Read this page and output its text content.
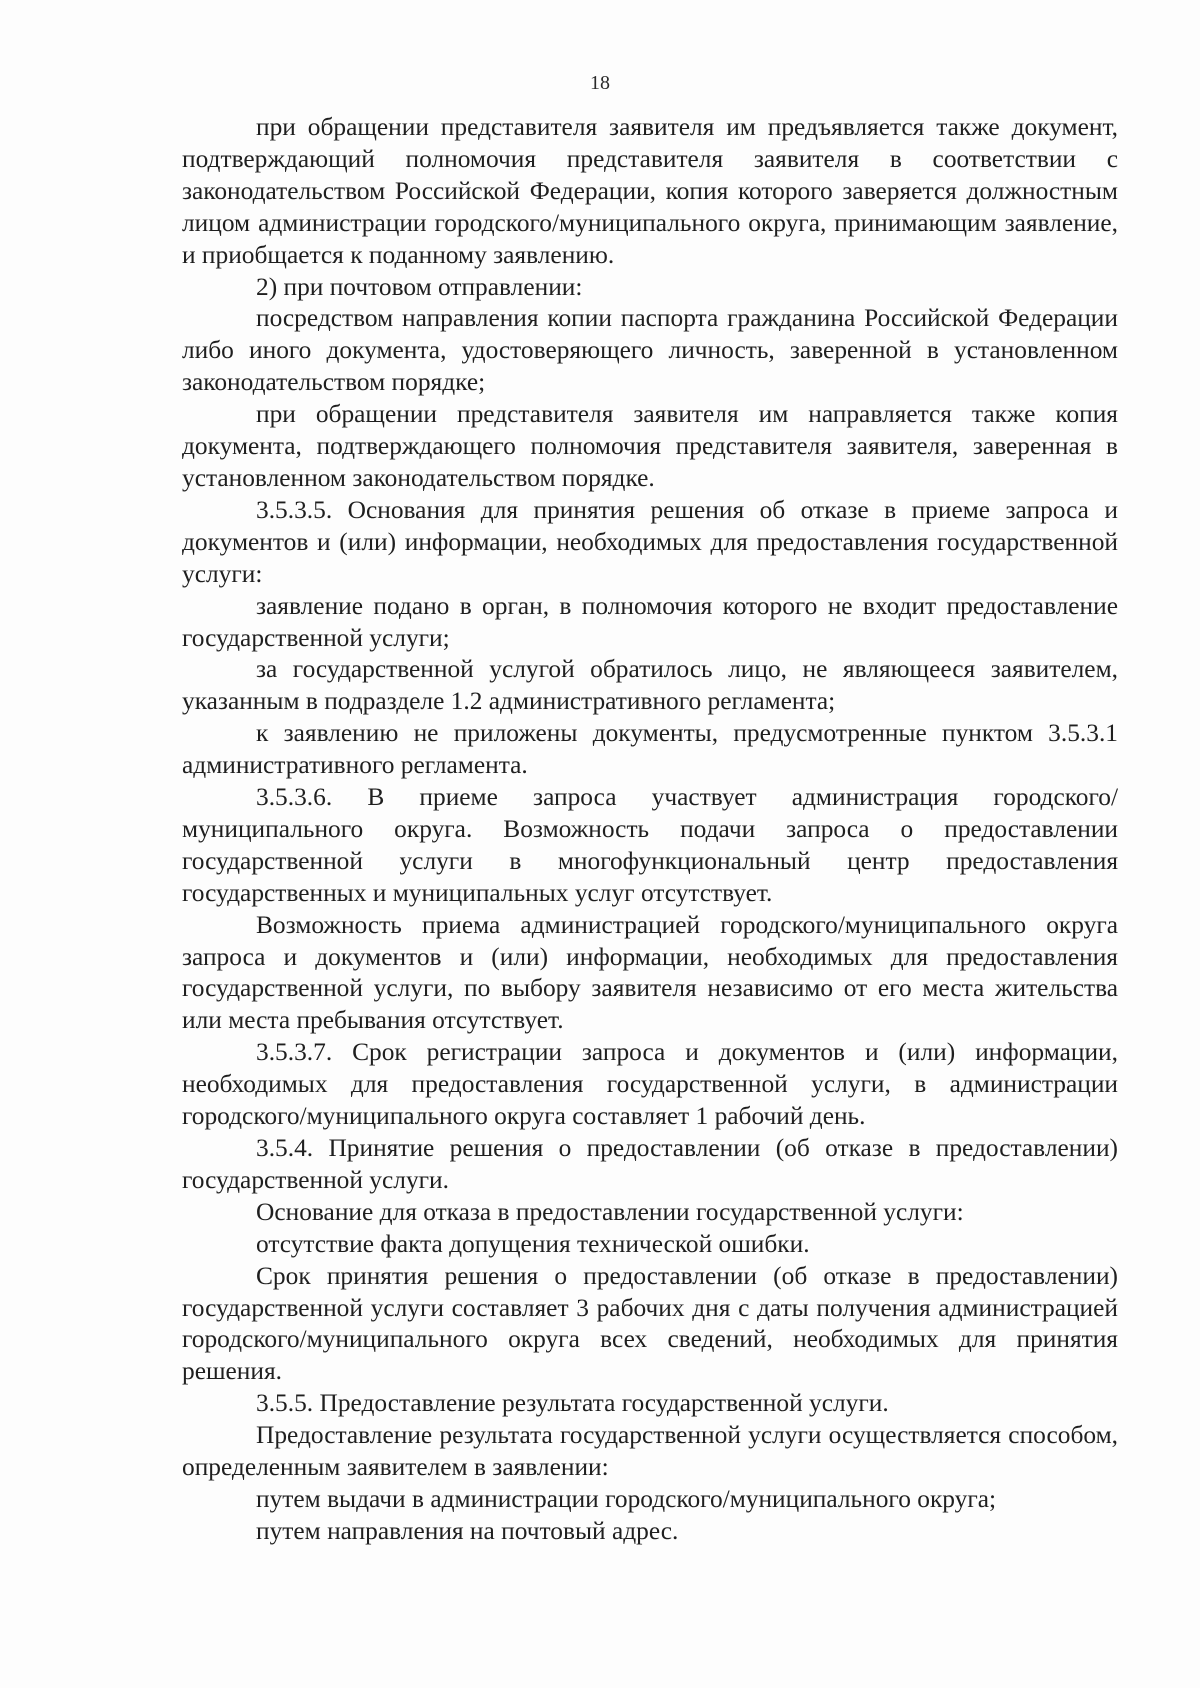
18

при обращении представителя заявителя им предъявляется также документ, подтверждающий полномочия представителя заявителя в соответствии с законодательством Российской Федерации, копия которого заверяется должностным лицом администрации городского/муниципального округа, принимающим заявление, и приобщается к поданному заявлению.

2) при почтовом отправлении:

посредством направления копии паспорта гражданина Российской Федерации либо иного документа, удостоверяющего личность, заверенной в установленном законодательством порядке;

при обращении представителя заявителя им направляется также копия документа, подтверждающего полномочия представителя заявителя, заверенная в установленном законодательством порядке.

3.5.3.5. Основания для принятия решения об отказе в приеме запроса и документов и (или) информации, необходимых для предоставления государственной услуги:

заявление подано в орган, в полномочия которого не входит предоставление государственной услуги;

за государственной услугой обратилось лицо, не являющееся заявителем, указанным в подразделе 1.2 административного регламента;

к заявлению не приложены документы, предусмотренные пунктом 3.5.3.1 административного регламента.

3.5.3.6. В приеме запроса участвует администрация городского/муниципального округа. Возможность подачи запроса о предоставлении государственной услуги в многофункциональный центр предоставления государственных и муниципальных услуг отсутствует.

Возможность приема администрацией городского/муниципального округа запроса и документов и (или) информации, необходимых для предоставления государственной услуги, по выбору заявителя независимо от его места жительства или места пребывания отсутствует.

3.5.3.7. Срок регистрации запроса и документов и (или) информации, необходимых для предоставления государственной услуги, в администрации городского/муниципального округа составляет 1 рабочий день.

3.5.4. Принятие решения о предоставлении (об отказе в предоставлении) государственной услуги.

Основание для отказа в предоставлении государственной услуги:

отсутствие факта допущения технической ошибки.

Срок принятия решения о предоставлении (об отказе в предоставлении) государственной услуги составляет 3 рабочих дня с даты получения администрацией городского/муниципального округа всех сведений, необходимых для принятия решения.

3.5.5. Предоставление результата государственной услуги.

Предоставление результата государственной услуги осуществляется способом, определенным заявителем в заявлении:

путем выдачи в администрации городского/муниципального округа;

путем направления на почтовый адрес.
